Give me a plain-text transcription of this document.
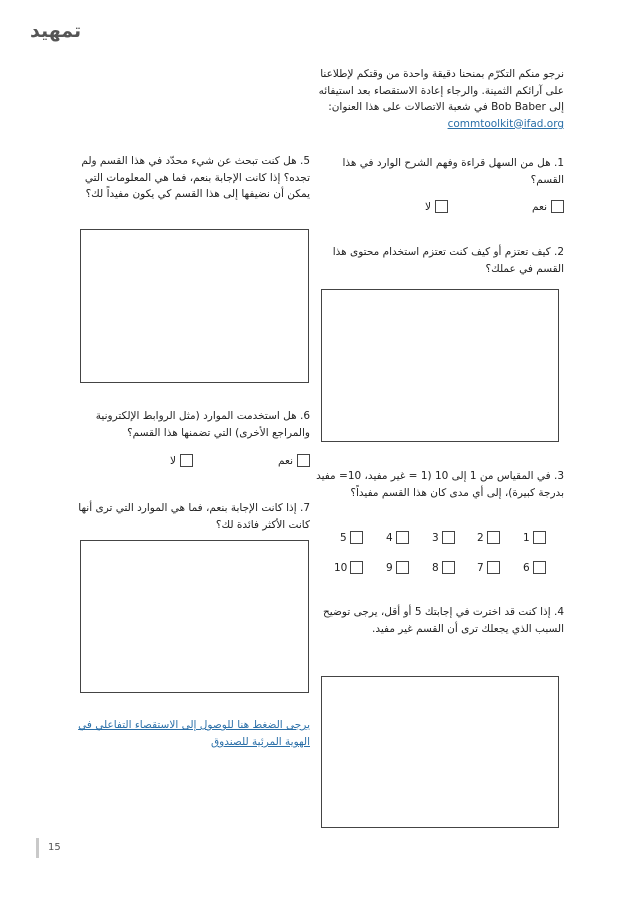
تمهيد
نرجو منكم التكرّم بمنحنا دقيقة واحدة من وقتكم لإطلاعنا على آرائكم الثمينة. والرجاء إعادة الاستقصاء بعد استيفائه إلى Bob Baber في شعبة الاتصالات على هذا العنوان:
commtoolkit@ifad.org
1. هل من السهل قراءة وفهم الشرح الوارد في هذا القسم؟
نعم
لا
2. كيف تعتزم أو كيف كنت تعتزم استخدام محتوى هذا القسم في عملك؟
3. في المقياس من 1 إلى 10 (1 = غير مفيد، 10= مفيد بدرجة كبيرة)، إلى أي مدى كان هذا القسم مفيداً؟
1
2
3
4
5
6
7
8
9
10
4. إذا كنت قد اخترت في إجابتك 5 أو أقل، يرجى توضيح السبب الذي يجعلك ترى أن القسم غير مفيد.
5. هل كنت تبحث عن شيء محدّد في هذا القسم ولم تجده؟ إذا كانت الإجابة بنعم، فما هي المعلومات التي يمكن أن نضيفها إلى هذا القسم كي يكون مفيداً لك؟
6. هل استخدمت الموارد (مثل الروابط الإلكترونية والمراجع الأخرى) التي تضمنها هذا القسم؟
نعم
لا
7. إذا كانت الإجابة بنعم، فما هي الموارد التي ترى أنها كانت الأكثر فائدة لك؟
يرجى الضغط هنا للوصول إلى الاستقصاء التفاعلي في الهوية المرئية للصندوق
15
